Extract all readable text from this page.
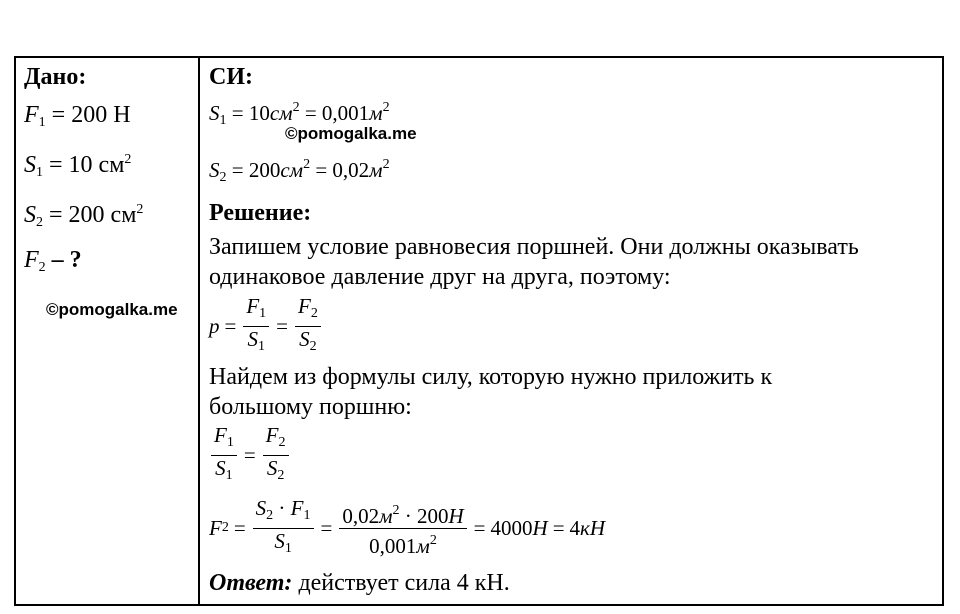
Дано:
F1 = 200 Н
S1 = 10 $см^2$
S2 = 200 $см^2$
F2 – ?
СИ:
$S1 = 10см^2 = 0,001м^2$
$S2 = 200см^2 = 0,02м^2$
Решение:
Запишем условие равновесия поршней. Они должны оказывать
одинаковое давление друг на друга, поэтому:
$p = \frac{F1}{S1} = \frac{F2}{S2}$
Найдем из формулы силу, которую нужно приложить к
большому поршню:
$\frac{F1}{S1} = \frac{F2}{S2}$
F $2 = \frac{S2 \cdot F1}{S1} = \frac{0,02м^2 \cdot 200Н}{0,001м^2} = 4000$ Н = 4 кН
Ответ: действует сила 4 кН.
©pomogalka.me
©pomogalka.me
